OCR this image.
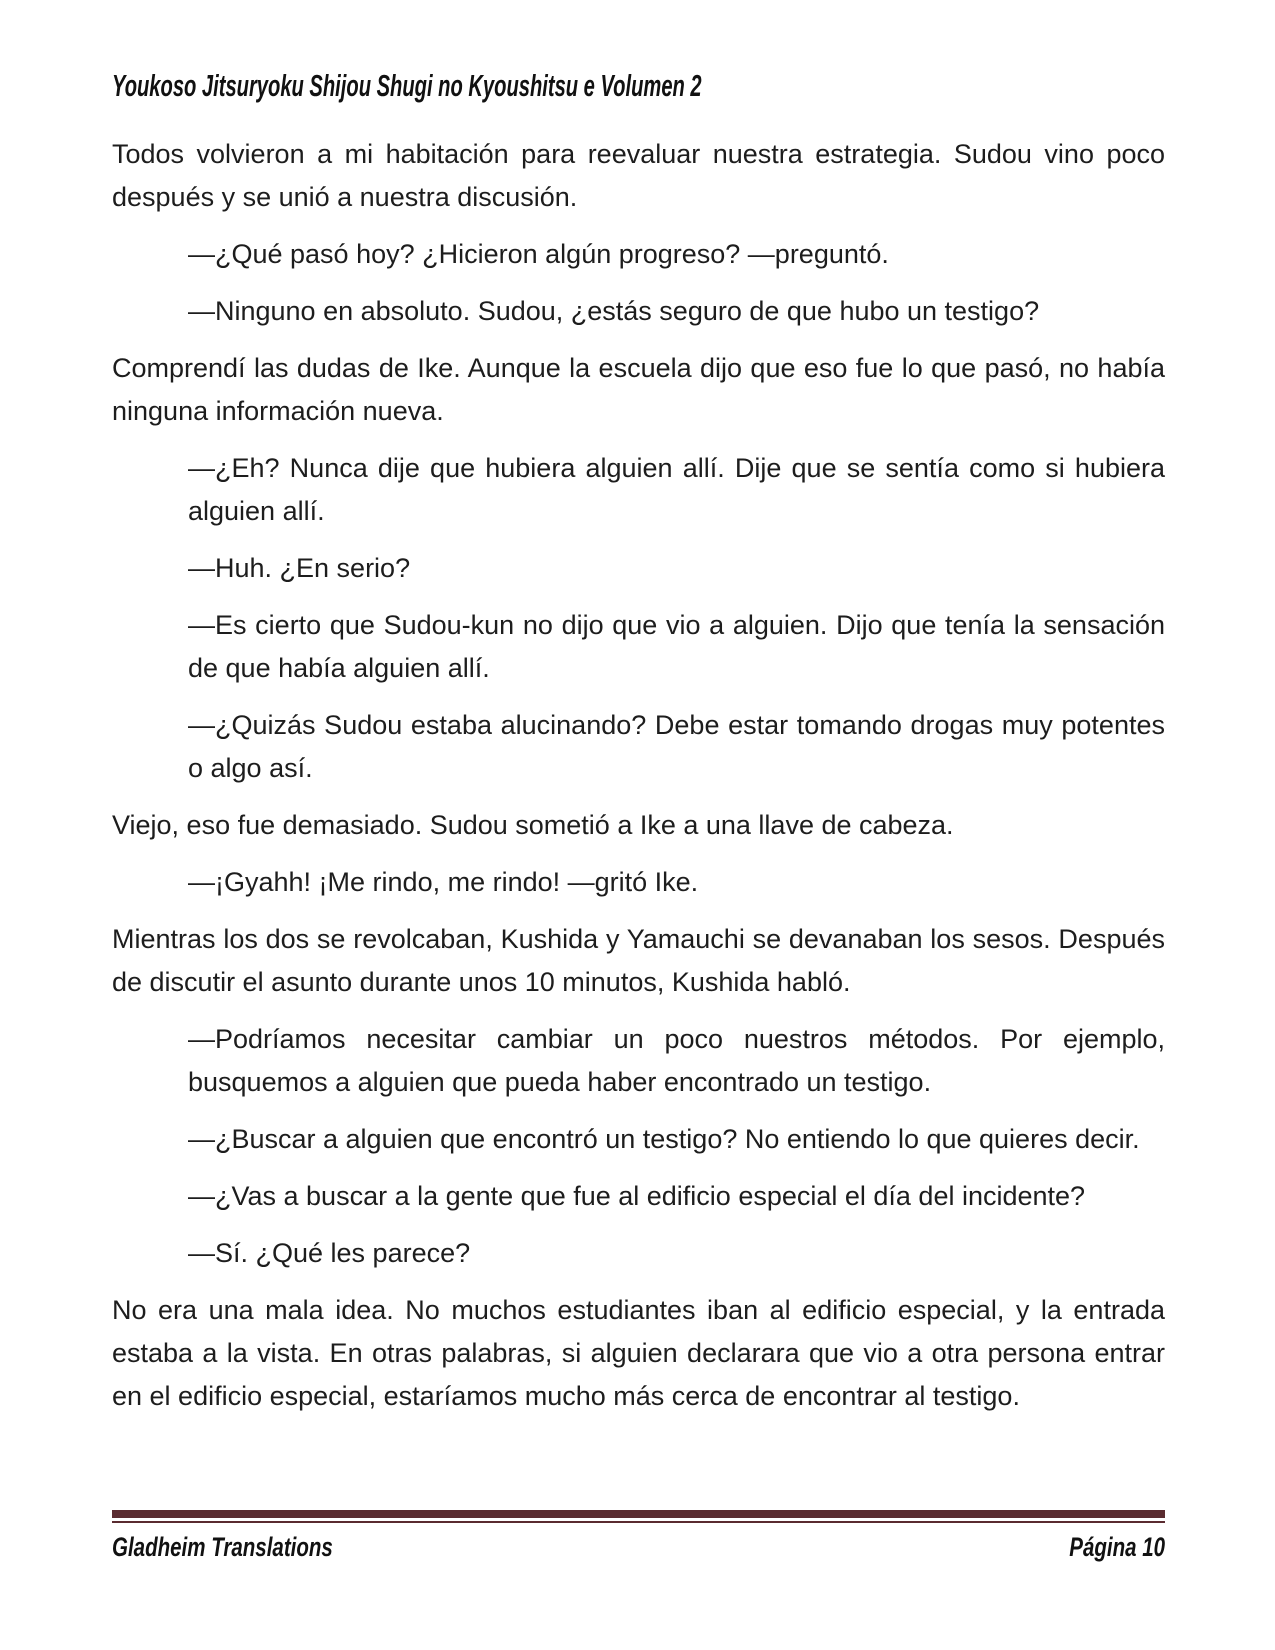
Youkoso Jitsuryoku Shijou Shugi no Kyoushitsu e Volumen 2

Todos volvieron a mi habitación para reevaluar nuestra estrategia. Sudou vino poco después y se unió a nuestra discusión.

—¿Qué pasó hoy? ¿Hicieron algún progreso? —preguntó.

—Ninguno en absoluto. Sudou, ¿estás seguro de que hubo un testigo?

Comprendí las dudas de Ike. Aunque la escuela dijo que eso fue lo que pasó, no había ninguna información nueva.

—¿Eh? Nunca dije que hubiera alguien allí. Dije que se sentía como si hubiera alguien allí.

—Huh. ¿En serio?

—Es cierto que Sudou-kun no dijo que vio a alguien. Dijo que tenía la sensación de que había alguien allí.

—¿Quizás Sudou estaba alucinando? Debe estar tomando drogas muy potentes o algo así.

Viejo, eso fue demasiado. Sudou sometió a Ike a una llave de cabeza.

—¡Gyahh! ¡Me rindo, me rindo! —gritó Ike.

Mientras los dos se revolcaban, Kushida y Yamauchi se devanaban los sesos. Después de discutir el asunto durante unos 10 minutos, Kushida habló.

—Podríamos necesitar cambiar un poco nuestros métodos. Por ejemplo, busquemos a alguien que pueda haber encontrado un testigo.

—¿Buscar a alguien que encontró un testigo? No entiendo lo que quieres decir.

—¿Vas a buscar a la gente que fue al edificio especial el día del incidente?

—Sí. ¿Qué les parece?

No era una mala idea. No muchos estudiantes iban al edificio especial, y la entrada estaba a la vista. En otras palabras, si alguien declarara que vio a otra persona entrar en el edificio especial, estaríamos mucho más cerca de encontrar al testigo.

Gladheim Translations	Página 10
